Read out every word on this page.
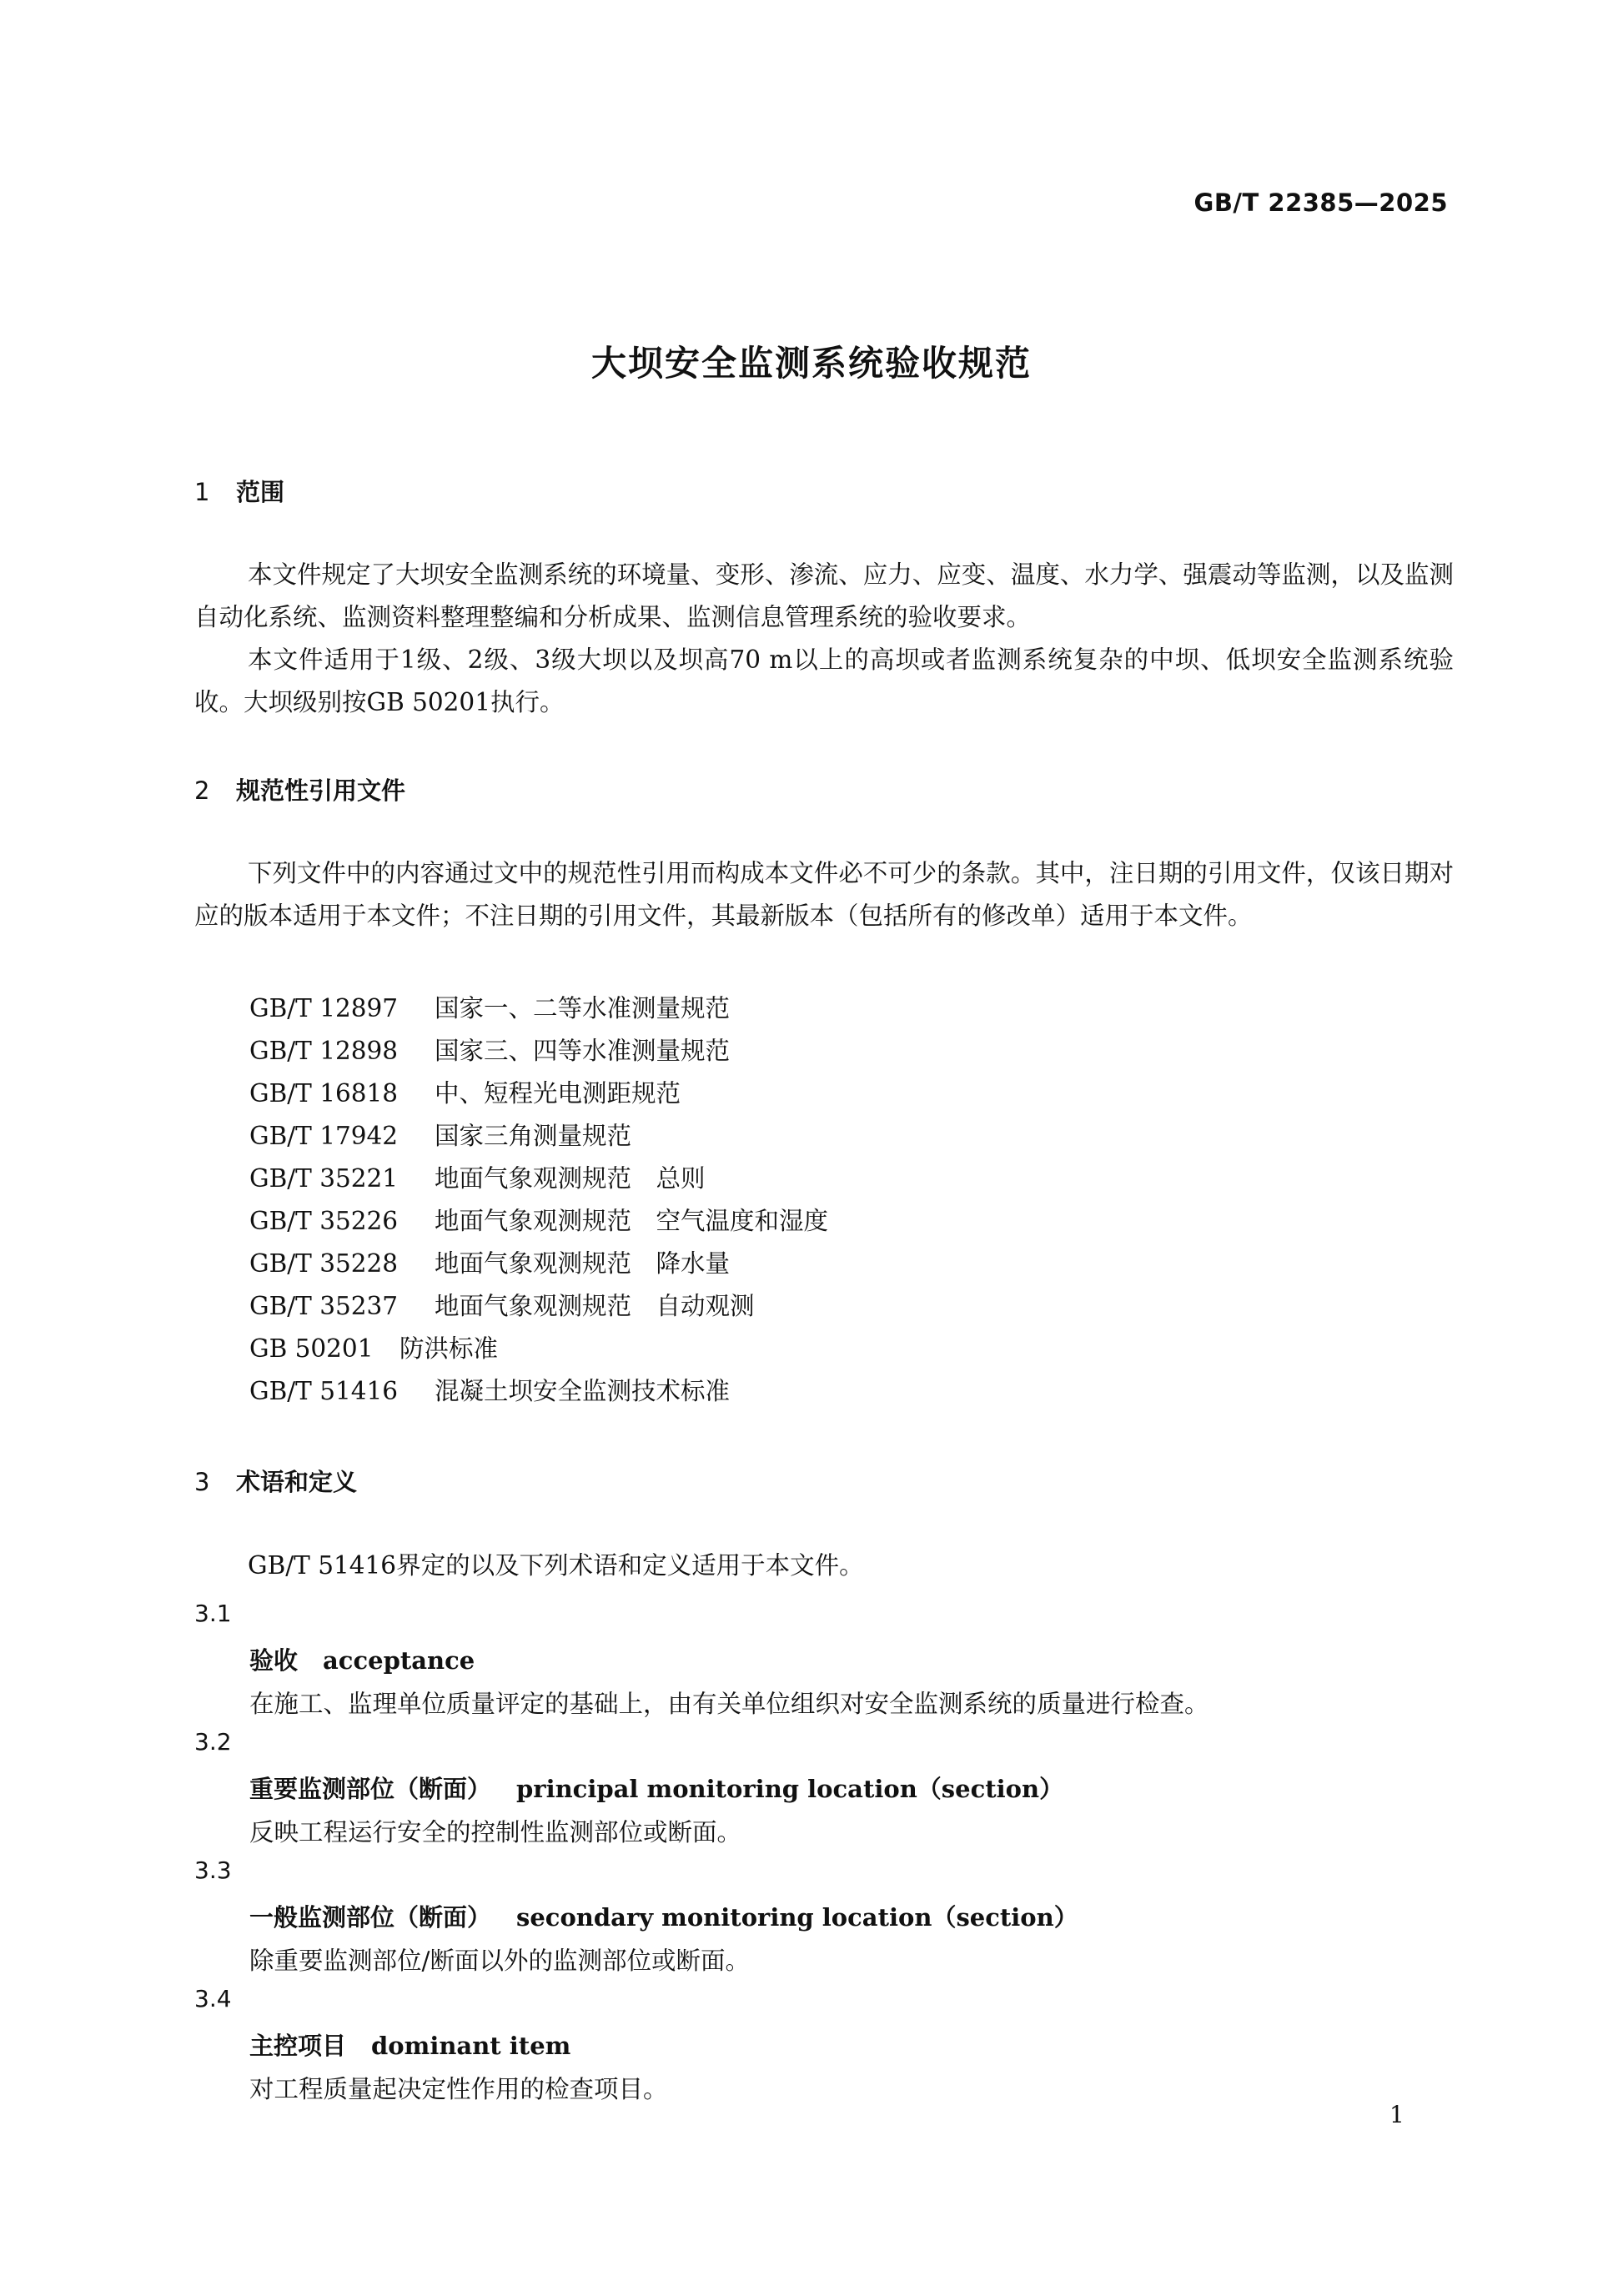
GB/T 22385—2025
大坝安全监测系统验收规范
1 范围

本文件规定了大坝安全监测系统的环境量、变形、渗流、应力、应变、温度、水力学、强震动等监测，以及监测自动化系统、监测资料整理整编和分析成果、监测信息管理系统的验收要求。

本文件适用于1级、2级、3级大坝以及坝高70 m以上的高坝或者监测系统复杂的中坝、低坝安全监测系统验收。大坝级别按GB 50201执行。

2 规范性引用文件

下列文件中的内容通过文中的规范性引用而构成本文件必不可少的条款。其中，注日期的引用文件，仅该日期对应的版本适用于本文件；不注日期的引用文件，其最新版本（包括所有的修改单）适用于本文件。

GB/T 12897 国家一、二等水准测量规范
GB/T 12898 国家三、四等水准测量规范
GB/T 16818 中、短程光电测距规范
GB/T 17942 国家三角测量规范
GB/T 35221 地面气象观测规范　总则
GB/T 35226 地面气象观测规范　空气温度和湿度
GB/T 35228 地面气象观测规范　降水量
GB/T 35237 地面气象观测规范　自动观测
GB 50201 防洪标准
GB/T 51416 混凝土坝安全监测技术标准
3 术语和定义

GB/T 51416界定的以及下列术语和定义适用于本文件。

3.1
验收 acceptance
在施工、监理单位质量评定的基础上，由有关单位组织对安全监测系统的质量进行检查。
3.2
重要监测部位（断面） principal monitoring location（section）
反映工程运行安全的控制性监测部位或断面。
3.3
一般监测部位（断面） secondary monitoring location（section）
除重要监测部位/断面以外的监测部位或断面。
3.4
主控项目 dominant item
对工程质量起决定性作用的检查项目。
1
